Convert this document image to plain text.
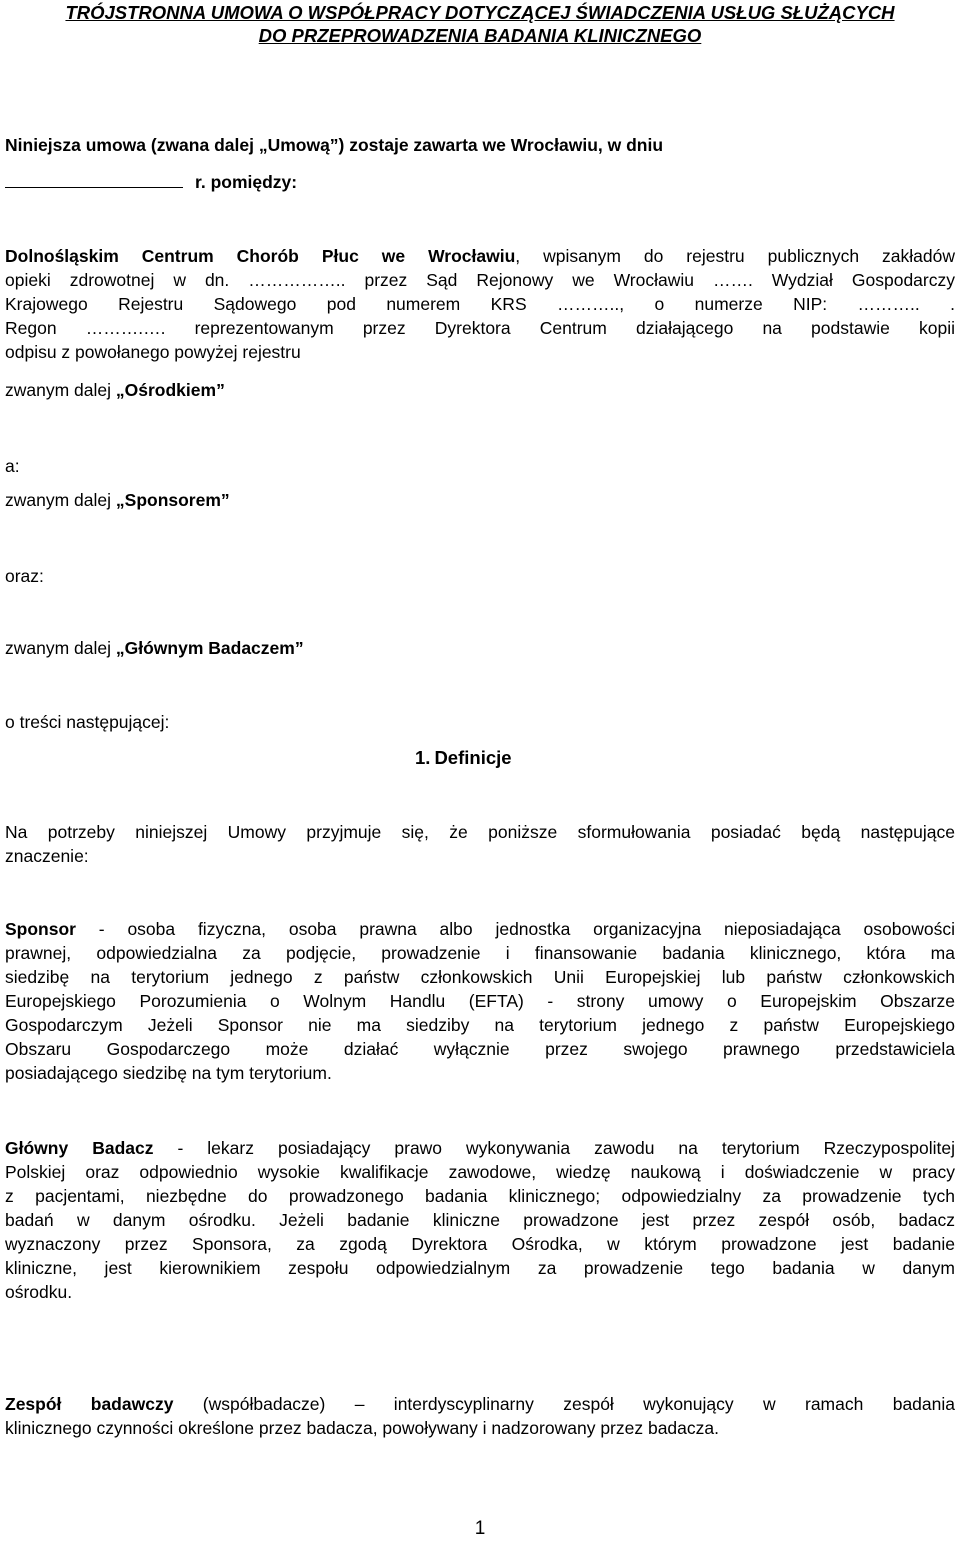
TRÓJSTRONNA UMOWA O WSPÓŁPRACY DOTYCZĄCEJ ŚWIADCZENIA USŁUG SŁUŻĄCYCH
DO PRZEPROWADZENIA BADANIA KLINICZNEGO
Niniejsza umowa (zwana dalej „Umową”) zostaje zawarta we Wrocławiu, w dniu
r. pomiędzy:
Dolnośląskim Centrum Chorób Płuc we Wrocławiu, wpisanym do rejestru publicznych zakładów
opieki zdrowotnej w dn. …………….. przez Sąd Rejonowy we Wrocławiu ……. Wydział Gospodarczy
Krajowego Rejestru Sądowego pod numerem KRS ……….., o numerze NIP: ……….. .
Regon ……….…. reprezentowanym przez Dyrektora Centrum działającego na podstawie kopii
odpisu z powołanego powyżej rejestru
zwanym dalej „Ośrodkiem”
a:
zwanym dalej „Sponsorem”
oraz:
zwanym dalej „Głównym Badaczem”
o treści następującej:
1. Definicje
Na potrzeby niniejszej Umowy przyjmuje się, że poniższe sformułowania posiadać będą następujące
znaczenie:
Sponsor - osoba fizyczna, osoba prawna albo jednostka organizacyjna nieposiadająca osobowości
prawnej, odpowiedzialna za podjęcie, prowadzenie i finansowanie badania klinicznego, która ma
siedzibę na terytorium jednego z państw członkowskich Unii Europejskiej lub państw członkowskich
Europejskiego Porozumienia o Wolnym Handlu (EFTA) - strony umowy o Europejskim Obszarze
Gospodarczym Jeżeli Sponsor nie ma siedziby na terytorium jednego z państw Europejskiego
Obszaru Gospodarczego może działać wyłącznie przez swojego prawnego przedstawiciela
posiadającego siedzibę na tym terytorium.
Główny Badacz - lekarz posiadający prawo wykonywania zawodu na terytorium Rzeczypospolitej
Polskiej oraz odpowiednio wysokie kwalifikacje zawodowe, wiedzę naukową i doświadczenie w pracy
z pacjentami, niezbędne do prowadzonego badania klinicznego; odpowiedzialny za prowadzenie tych
badań w danym ośrodku. Jeżeli badanie kliniczne prowadzone jest przez zespół osób, badacz
wyznaczony przez Sponsora, za zgodą Dyrektora Ośrodka, w którym prowadzone jest badanie
kliniczne, jest kierownikiem zespołu odpowiedzialnym za prowadzenie tego badania w danym
ośrodku.
Zespół badawczy (współbadacze) – interdyscyplinarny zespół wykonujący w ramach badania
klinicznego czynności określone przez badacza, powoływany i nadzorowany przez badacza.
1
